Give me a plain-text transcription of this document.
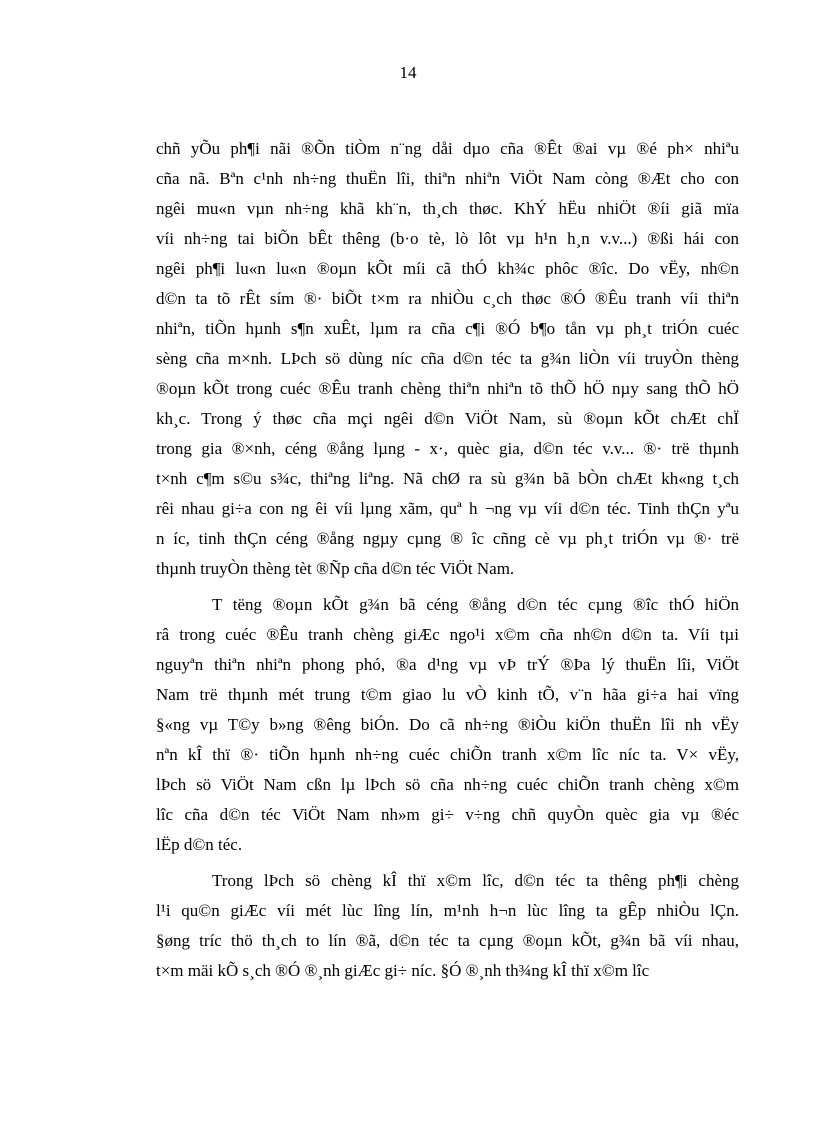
14
chñ yÕu ph¶i nãi ®Õn tiÒm n¨ng dåi dµo cña ®Êt ®ai vµ ®é ph× nhiªu
cña nã. Bªn c¹nh nh÷ng thuËn lîi, thiªn nhiªn ViÖt Nam còng ®Æt cho con
ngêi mu«n vµn nh÷ng khã kh¨n, th¸ch thøc. KhÝ hËu nhiÖt ®íi giã mïa
víi nh÷ng tai biÕn bÊt thêng (b·o tè, lò lôt vµ h¹n h¸n v.v...) ®ßi hái con
ngêi ph¶i lu«n lu«n ®oµn kÕt míi cã thÓ kh¾c phôc ®îc. Do vËy, nh©n
d©n ta tõ rÊt sím ®· biÕt t×m ra nhiÒu c¸ch thøc ®Ó ®Êu tranh víi thiªn
nhiªn, tiÕn hµnh s¶n xuÊt, lµm ra cña c¶i ®Ó b¶o tån vµ ph¸t triÓn cuéc
sèng cña m×nh. LÞch sö dùng níc cña d©n téc ta g¾n liÒn víi truyÒn thèng
®oµn kÕt trong cuéc ®Êu tranh chèng thiªn nhiªn tõ thÕ hÖ nµy sang thÕ hÖ
kh¸c. Trong ý thøc cña mçi ngêi d©n ViÖt Nam, sù ®oµn kÕt chÆt chÏ
trong gia ®×nh, céng ®ång lµng - x·, quèc gia, d©n téc v.v... ®· trë thµnh
t×nh c¶m s©u s¾c, thiªng liªng. Nã chØ ra sù g¾n bã bÒn chÆt kh«ng t¸ch
rêi nhau gi÷a con ng êi víi lµng xãm, quª h ¬ng vµ víi d©n téc. Tinh thÇn yªu
n íc, tinh thÇn céng ®ång ngµy cµng ® îc cñng cè vµ ph¸t triÓn vµ ®· trë
thµnh truyÒn thèng tèt ®Ñp cña d©n téc ViÖt Nam.
T tëng ®oµn kÕt g¾n bã céng ®ång d©n téc cµng ®îc thÓ hiÖn
râ trong cuéc ®Êu tranh chèng giÆc ngo¹i x©m cña nh©n d©n ta. Víi tµi
nguyªn thiªn nhiªn phong phó, ®a d¹ng vµ vÞ trÝ ®Þa lý thuËn lîi, ViÖt
Nam trë thµnh mét trung t©m giao lu vÒ kinh tÕ, v¨n hãa gi÷a hai vïng
§«ng vµ T©y b»ng ®êng biÓn. Do cã nh÷ng ®iÒu kiÖn thuËn lîi nh vËy
nªn kÎ thï ®· tiÕn hµnh nh÷ng cuéc chiÕn tranh x©m lîc níc ta. V× vËy,
lÞch sö ViÖt Nam cßn lµ lÞch sö cña nh÷ng cuéc chiÕn tranh chèng x©m
lîc cña d©n téc ViÖt Nam nh»m gi÷ v÷ng chñ quyÒn quèc gia vµ ®éc
lËp d©n téc.
Trong lÞch sö chèng kÎ thï x©m lîc, d©n téc ta thêng ph¶i chèng
l¹i qu©n giÆc víi mét lùc lîng lín, m¹nh h¬n lùc lîng ta gÊp nhiÒu lÇn.
§øng tríc thö th¸ch to lín ®ã, d©n téc ta cµng ®oµn kÕt, g¾n bã víi nhau,
t×m mäi kÕ s¸ch ®Ó ®¸nh giÆc gi÷ níc. §Ó ®¸nh th¾ng kÎ thï x©m lîc
